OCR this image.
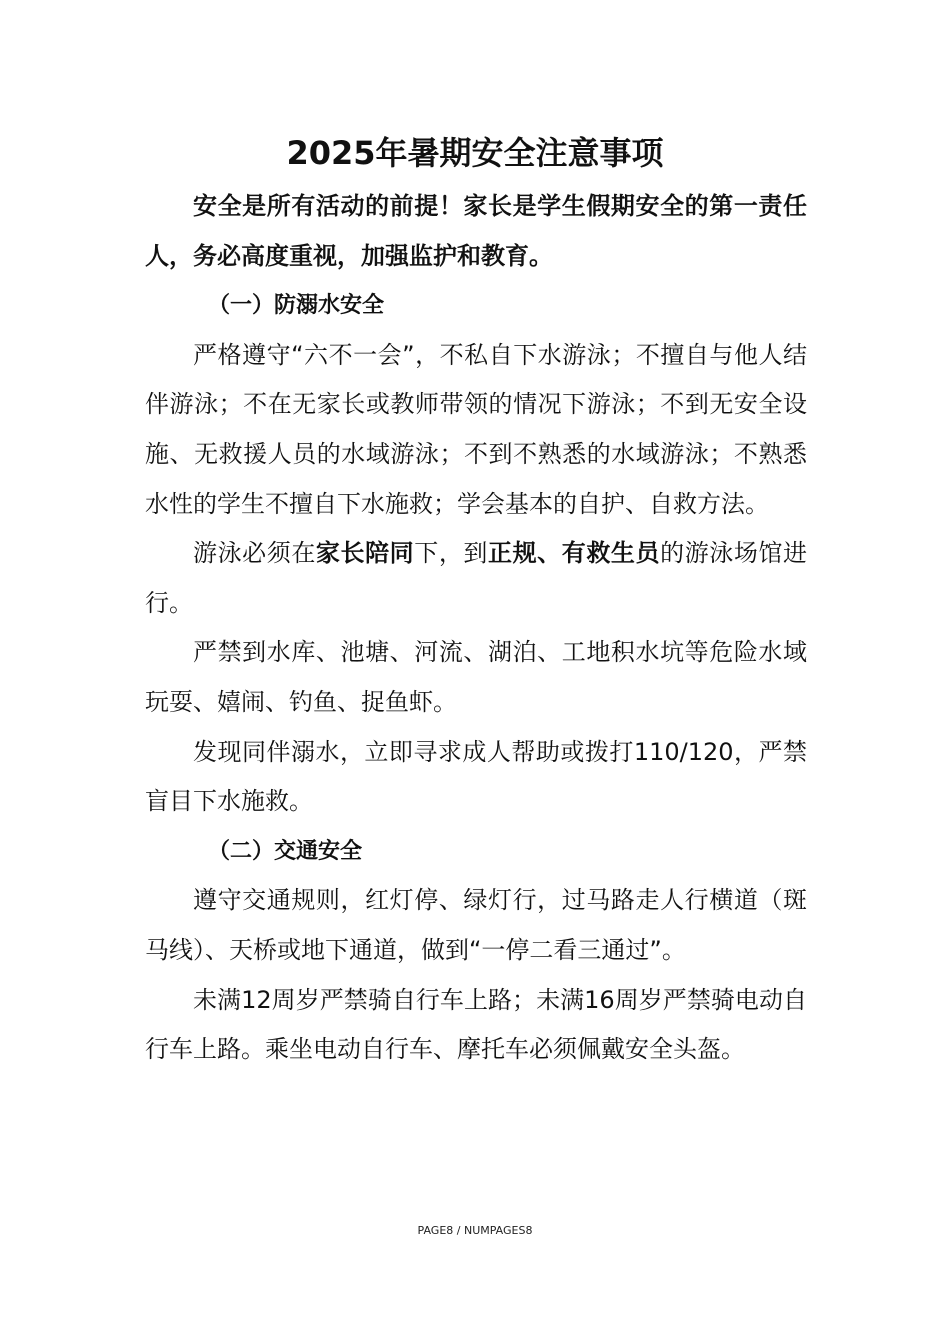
2025年暑期安全注意事项

安全是所有活动的前提！家长是学生假期安全的第一责任人，务必高度重视，加强监护和教育。

（一）防溺水安全

严格遵守“六不一会”，不私自下水游泳；不擅自与他人结伴游泳；不在无家长或教师带领的情况下游泳；不到无安全设施、无救援人员的水域游泳；不到不熟悉的水域游泳；不熟悉水性的学生不擅自下水施救；学会基本的自护、自救方法。

游泳必须在家长陪同下，到正规、有救生员的游泳场馆进行。

严禁到水库、池塘、河流、湖泊、工地积水坑等危险水域玩耍、嬉闹、钓鱼、捉鱼虾。

发现同伴溺水，立即寻求成人帮助或拨打110/120，严禁盲目下水施救。

（二）交通安全

遵守交通规则，红灯停、绿灯行，过马路走人行横道（斑马线）、天桥或地下通道，做到“一停二看三通过”。

未满12周岁严禁骑自行车上路；未满16周岁严禁骑电动自行车上路。乘坐电动自行车、摩托车必须佩戴安全头盔。

PAGE8 / NUMPAGES8
